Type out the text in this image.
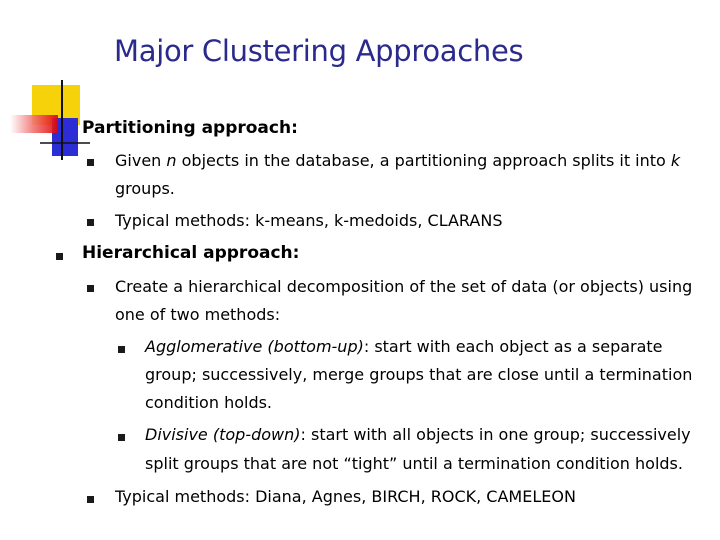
Major Clustering Approaches
Partitioning approach:
Given n objects in the database, a partitioning approach splits it into k
groups.
Typical methods: k-means, k-medoids, CLARANS
Hierarchical approach:
Create a hierarchical decomposition of the set of data (or objects) using
one of two methods:
Agglomerative (bottom-up): start with each object as a separate
group; successively, merge groups that are close until a termination
condition holds.
Divisive (top-down): start with all objects in one group; successively
split groups that are not “tight” until a termination condition holds.
Typical methods: Diana, Agnes, BIRCH, ROCK, CAMELEON
